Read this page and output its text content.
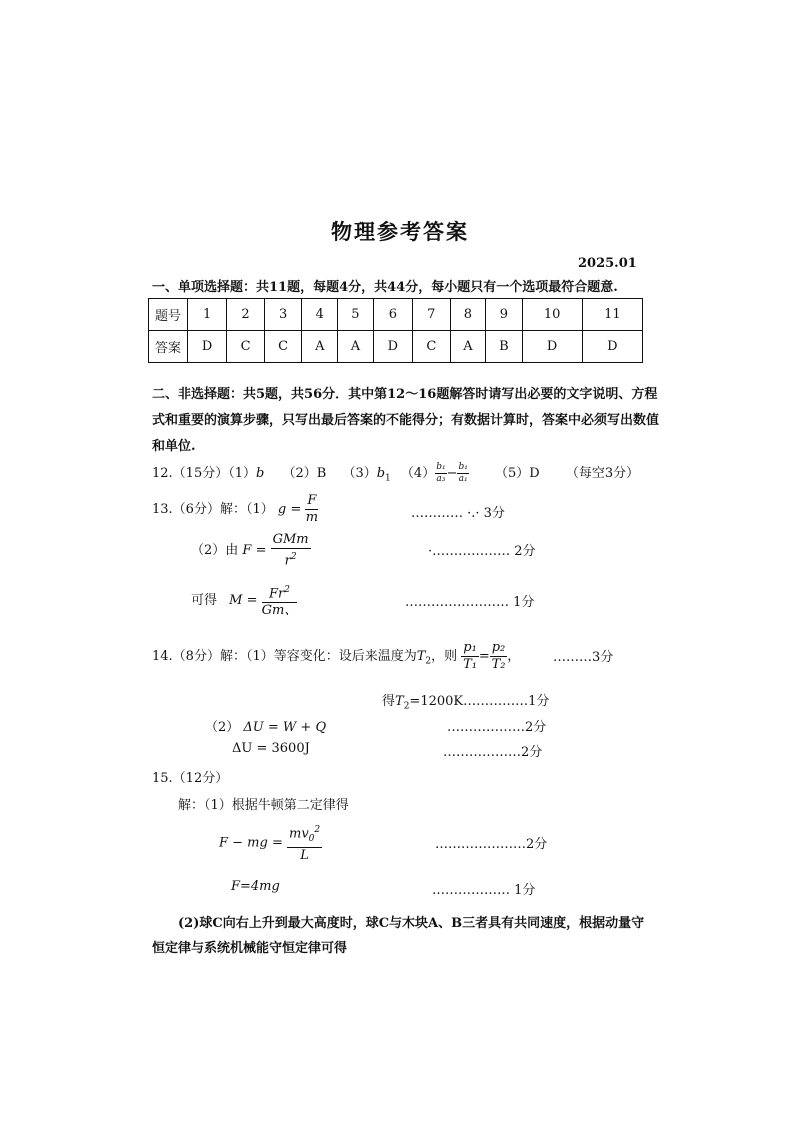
物理参考答案
2025.01
一、单项选择题：共11题，每题4分，共44分，每小题只有一个选项最符合题意.
题号	1	2	3	4	5	6	7	8	9	10	11
答案	D	C	C	A	A	D	C	A	B	D	D
二、非选择题：共5题，共56分．其中第12～16题解答时请写出必要的文字说明、方程
式和重要的演算步骤，只写出最后答案的不能得分；有数据计算时，答案中必须写出数值
和单位.
12.（15分）（1）b （2）B $(3)b_1$ $(4) \frac{\text{b₁}}{\text{a₃}} - \frac{\text{b₁}}{\text{a₁}} (5)D$ （每空3分）
13.（6分）解：（1） $g = \frac{F}{m}$	………… ·.· 3分
（2）由 $F = \frac{\text{GMm}}{r^2}$	·……………… 2分
可得 $M = \frac{Fr^2}{Gm、}$	…………………… 1分
14.（8分）解：（1）等容变化：设后来温度为$T_2$，则 $\frac{\text{p₁}}{\text{T₁}} = \frac{\text{p₂}}{\text{T₂}}$ ，	………3分
得$T_2=1200K\dots\dots\dots\dots\dots 1$分
（2） ΔU = W + Q	………………2分
ΔU = 3600J	………………2分
15.（12分）
解：（1）根据牛顿第二定律得
F − mg = $\frac{mv_0^2}{L}$	…………………2分
F=4mg	……………… 1分
(2)球C向右上升到最大高度时，球C与木块A、B三者具有共同速度，根据动量守
恒定律与系统机械能守恒定律可得
